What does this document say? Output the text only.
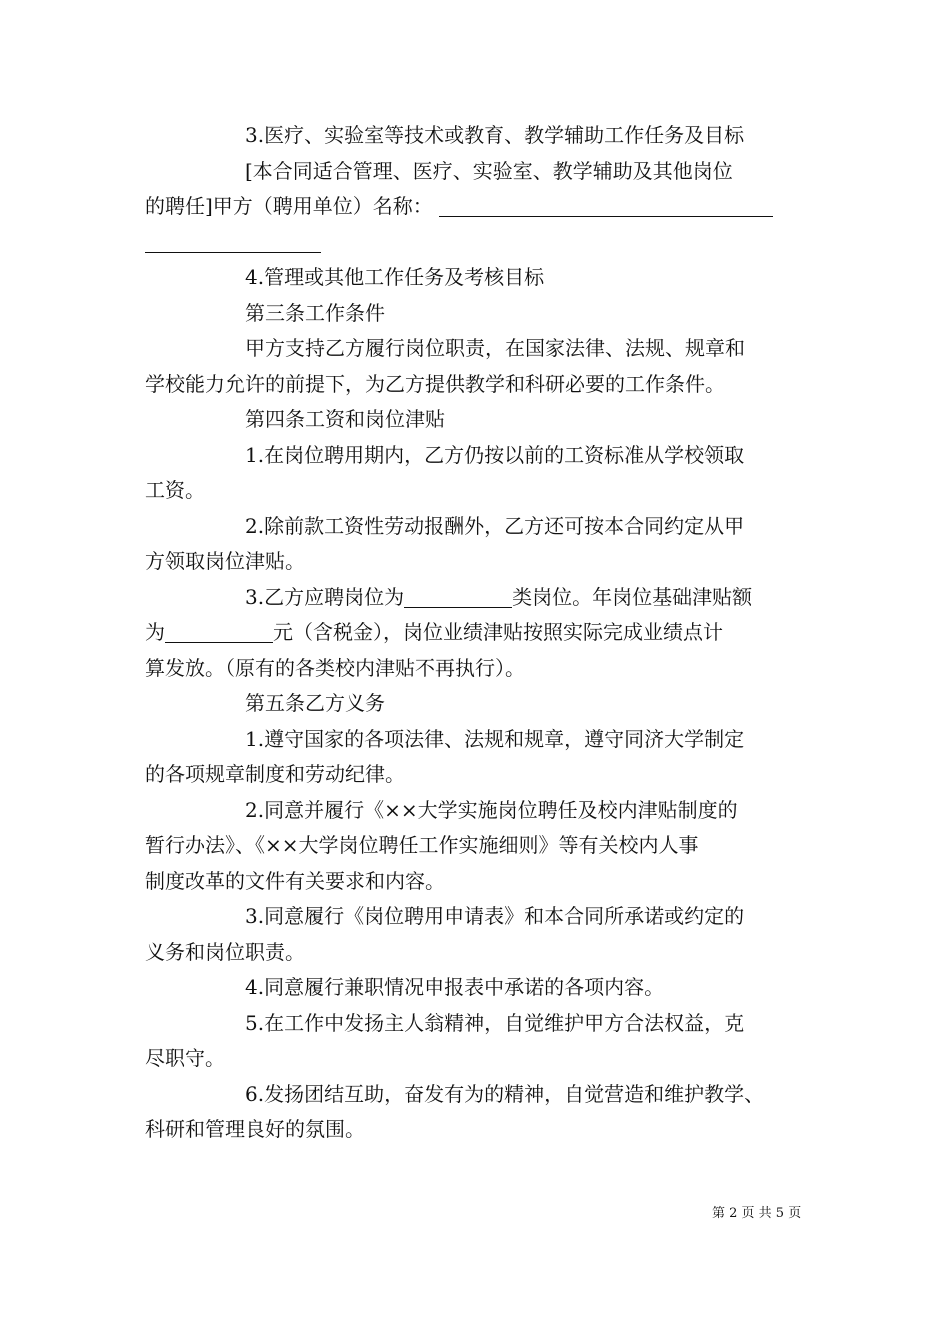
3.医疗、实验室等技术或教育、教学辅助工作任务及目标
[本合同适合管理、医疗、实验室、教学辅助及其他岗位
的聘任]甲方（聘用单位）名称：
4.管理或其他工作任务及考核目标
第三条工作条件
甲方支持乙方履行岗位职责，在国家法律、法规、规章和
学校能力允许的前提下，为乙方提供教学和科研必要的工作条件。
第四条工资和岗位津贴
1.在岗位聘用期内，乙方仍按以前的工资标准从学校领取
工资。
2.除前款工资性劳动报酬外，乙方还可按本合同约定从甲
方领取岗位津贴。
3.乙方应聘岗位为	类岗位。年岗位基础津贴额
为	元（含税金），岗位业绩津贴按照实际完成业绩点计
算发放。（原有的各类校内津贴不再执行）。
第五条乙方义务
1.遵守国家的各项法律、法规和规章，遵守同济大学制定
的各项规章制度和劳动纪律。
2.同意并履行《××大学实施岗位聘任及校内津贴制度的
暂行办法》、《××大学岗位聘任工作实施细则》等有关校内人事
制度改革的文件有关要求和内容。
3.同意履行《岗位聘用申请表》和本合同所承诺或约定的
义务和岗位职责。
4.同意履行兼职情况申报表中承诺的各项内容。
5.在工作中发扬主人翁精神，自觉维护甲方合法权益，克
尽职守。
6.发扬团结互助，奋发有为的精神，自觉营造和维护教学、
科研和管理良好的氛围。
第 2 页 共 5 页
